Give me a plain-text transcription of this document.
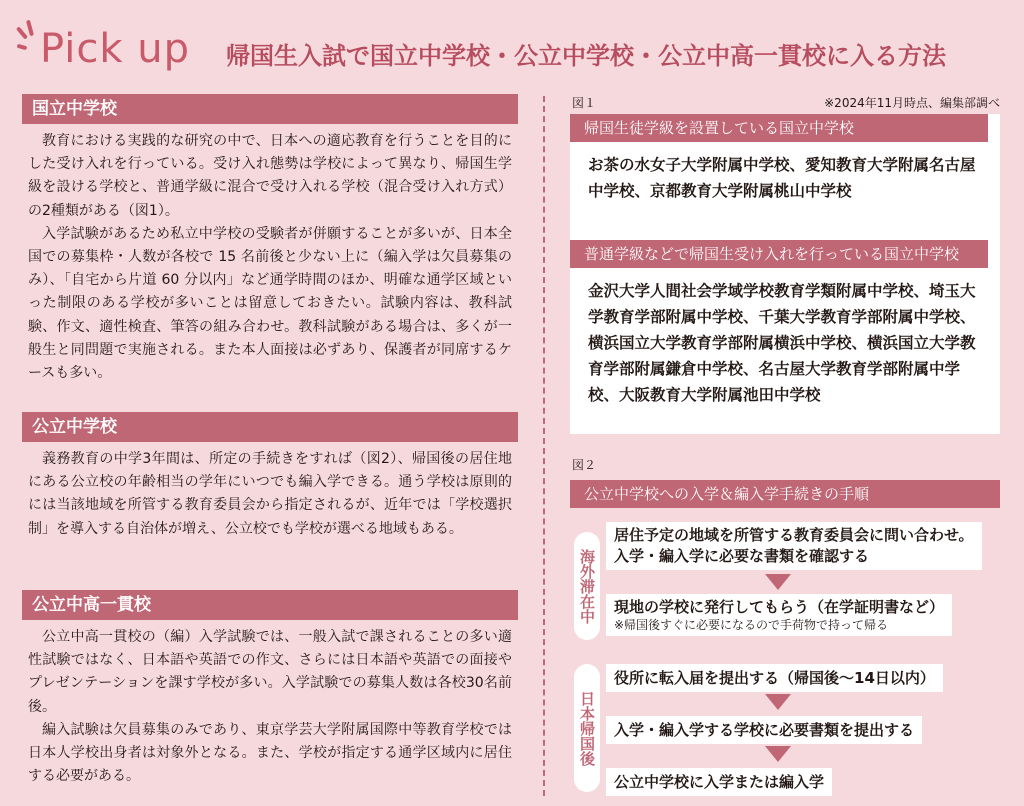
Pick up 帰国生入試で国立中学校・公立中学校・公立中高一貫校に入る方法
国立中学校

教育における実践的な研究の中で、日本への適応教育を行うことを目的にした受け入れを行っている。受け入れ態勢は学校によって異なり、帰国生学級を設ける学校と、普通学級に混合で受け入れる学校（混合受け入れ方式）の2種類がある（図1）。

入学試験があるため私立中学校の受験者が併願することが多いが、日本全国での募集枠・人数が各校で 15 名前後と少ない上に（編入学は欠員募集のみ）、「自宅から片道 60 分以内」など通学時間のほか、明確な通学区域といった制限のある学校が多いことは留意しておきたい。試験内容は、教科試験、作文、適性検査、筆答の組み合わせ。教科試験がある場合は、多くが一般生と同問題で実施される。また本人面接は必ずあり、保護者が同席するケースも多い。

公立中学校

義務教育の中学3年間は、所定の手続きをすれば（図2）、帰国後の居住地にある公立校の年齢相当の学年にいつでも編入学できる。通う学校は原則的には当該地域を所管する教育委員会から指定されるが、近年では「学校選択制」を導入する自治体が増え、公立校でも学校が選べる地域もある。

公立中高一貫校

公立中高一貫校の（編）入学試験では、一般入試で課されることの多い適性試験ではなく、日本語や英語での作文、さらには日本語や英語での面接やプレゼンテーションを課す学校が多い。入学試験での募集人数は各校30名前後。

編入試験は欠員募集のみであり、東京学芸大学附属国際中等教育学校では日本人学校出身者は対象外となる。また、学校が指定する通学区域内に居住する必要がある。

図１	※2024年11月時点、編集部調べ
帰国生徒学級を設置している国立中学校
お茶の水女子大学附属中学校、愛知教育大学附属名古屋中学校、京都教育大学附属桃山中学校
普通学級などで帰国生受け入れを行っている国立中学校
金沢大学人間社会学域学校教育学類附属中学校、埼玉大学教育学部附属中学校、千葉大学教育学部附属中学校、横浜国立大学教育学部附属横浜中学校、横浜国立大学教育学部附属鎌倉中学校、名古屋大学教育学部附属中学校、大阪教育大学附属池田中学校
図２
公立中学校への入学＆編入学手続きの手順
海外滞在中
日本帰国後
居住予定の地域を所管する教育委員会に問い合わせ。
入学・編入学に必要な書類を確認する
現地の学校に発行してもらう（在学証明書など）
※帰国後すぐに必要になるので手荷物で持って帰る
役所に転入届を提出する（帰国後〜14日以内）
入学・編入学する学校に必要書類を提出する
公立中学校に入学または編入学
